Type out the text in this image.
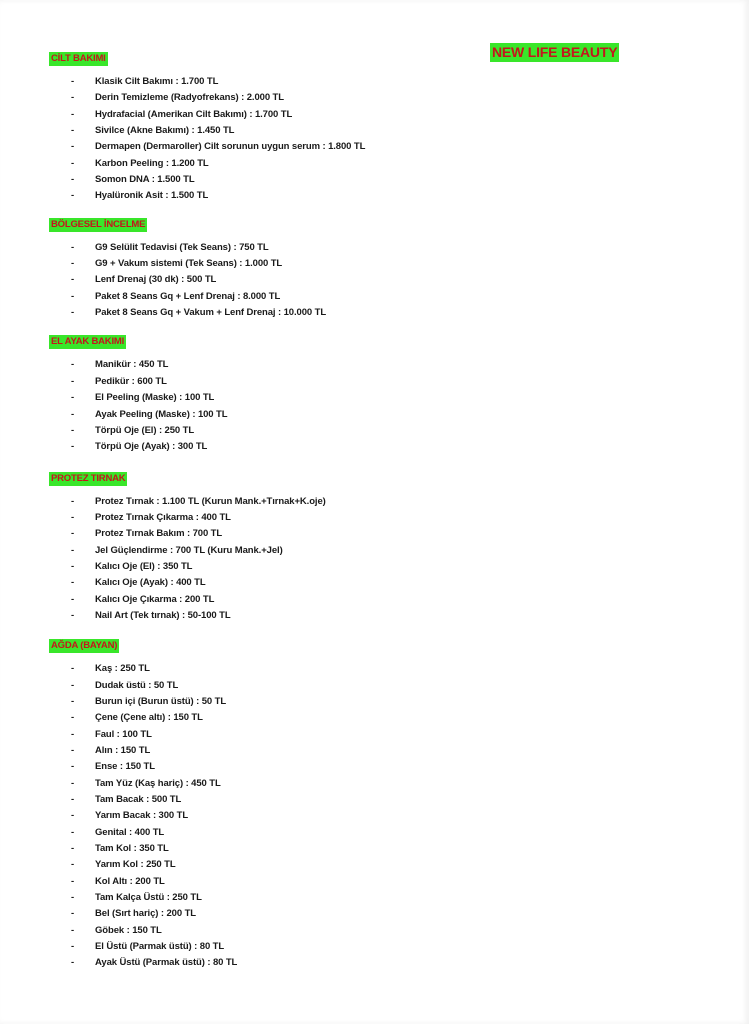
NEW LIFE BEAUTY
CİLT BAKIMI
- Klasik Cilt Bakımı : 1.700 TL
- Derin Temizleme (Radyofrekans) : 2.000 TL
- Hydrafacial (Amerikan Cilt Bakımı) : 1.700 TL
- Sivilce (Akne Bakımı) : 1.450 TL
- Dermapen (Dermaroller) Cilt sorunun uygun serum : 1.800 TL
- Karbon Peeling : 1.200 TL
- Somon DNA : 1.500 TL
- Hyalüronik Asit : 1.500 TL
BÖLGESEL İNCELME
- G9 Selülit Tedavisi (Tek Seans) : 750 TL
- G9 + Vakum sistemi (Tek Seans) : 1.000 TL
- Lenf Drenaj (30 dk) : 500 TL
- Paket 8 Seans Gq + Lenf Drenaj : 8.000 TL
- Paket 8 Seans Gq + Vakum + Lenf Drenaj : 10.000 TL
EL AYAK BAKIMI
- Manikür : 450 TL
- Pedikür : 600 TL
- El Peeling (Maske) : 100 TL
- Ayak Peeling (Maske) : 100 TL
- Törpü Oje (El) : 250 TL
- Törpü Oje (Ayak) : 300 TL
PROTEZ TIRNAK
- Protez Tırnak : 1.100 TL (Kurun Mank.+Tırnak+K.oje)
- Protez Tırnak Çıkarma : 400 TL
- Protez Tırnak Bakım : 700 TL
- Jel Güçlendirme : 700 TL (Kuru Mank.+Jel)
- Kalıcı Oje (El) : 350 TL
- Kalıcı Oje (Ayak) : 400 TL
- Kalıcı Oje Çıkarma : 200 TL
- Nail Art (Tek tırnak) : 50-100 TL
AĞDA (BAYAN)
- Kaş : 250 TL
- Dudak üstü : 50 TL
- Burun içi (Burun üstü) : 50 TL
- Çene (Çene altı) : 150 TL
- Faul : 100 TL
- Alın : 150 TL
- Ense : 150 TL
- Tam Yüz (Kaş hariç) : 450 TL
- Tam Bacak : 500 TL
- Yarım Bacak : 300 TL
- Genital : 400 TL
- Tam Kol : 350 TL
- Yarım Kol : 250 TL
- Kol Altı : 200 TL
- Tam Kalça Üstü : 250 TL
- Bel (Sırt hariç) : 200 TL
- Göbek : 150 TL
- El Üstü (Parmak üstü) : 80 TL
- Ayak Üstü (Parmak üstü) : 80 TL
